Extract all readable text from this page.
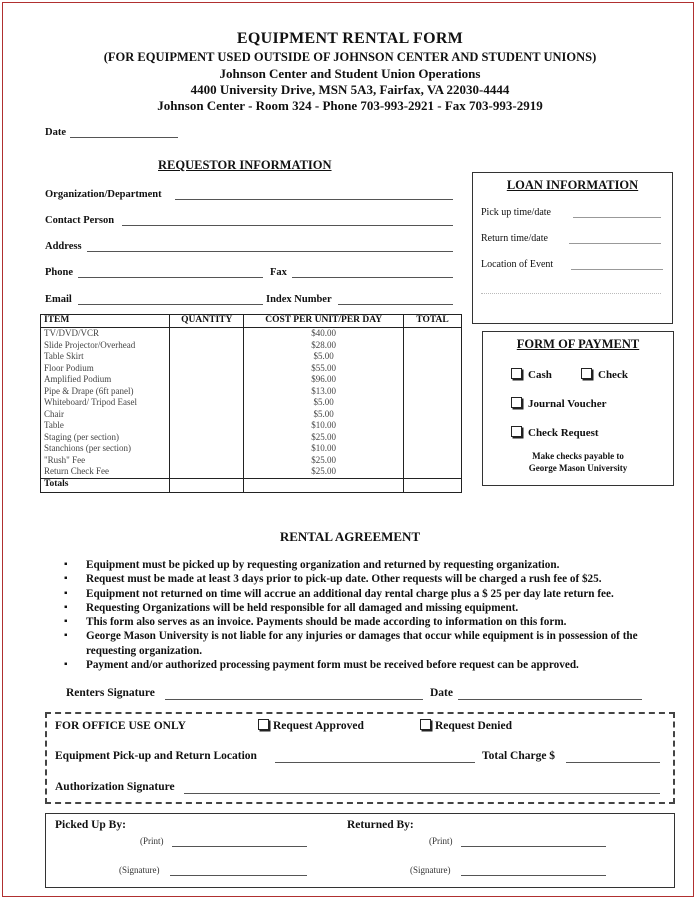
EQUIPMENT RENTAL FORM
(FOR EQUIPMENT USED OUTSIDE OF JOHNSON CENTER AND STUDENT UNIONS)
Johnson Center and Student Union Operations
4400 University Drive, MSN 5A3, Fairfax, VA 22030-4444
Johnson Center - Room 324 - Phone 703-993-2921 - Fax 703-993-2919
Date
REQUESTOR INFORMATION
Organization/Department
Contact Person
Address
Phone	Fax
Email	Index Number
LOAN INFORMATION
Pick up time/date
Return time/date
Location of Event
ITEM	QUANTITY	COST PER UNIT/PER DAY	TOTAL
TV/DVD/VCR		$40.00	
Slide Projector/Overhead		$28.00	
Table Skirt		$5.00	
Floor Podium		$55.00	
Amplified Podium		$96.00	
Pipe & Drape (6ft panel)		$13.00	
Whiteboard/ Tripod Easel		$5.00	
Chair		$5.00	
Table		$10.00	
Staging (per section)		$25.00	
Stanchions (per section)		$10.00	
"Rush" Fee		$25.00	
Return Check Fee		$25.00	
Totals			
FORM OF PAYMENT
Cash	Check
Journal Voucher
Check Request
Make checks payable to
George Mason University
RENTAL AGREEMENT
▪ Equipment must be picked up by requesting organization and returned by requesting organization.
▪ Request must be made at least 3 days prior to pick-up date. Other requests will be charged a rush fee of $25.
▪ Equipment not returned on time will accrue an additional day rental charge plus a $ 25 per day late return fee.
▪ Requesting Organizations will be held responsible for all damaged and missing equipment.
▪ This form also serves as an invoice. Payments should be made according to information on this form.
▪ George Mason University is not liable for any injuries or damages that occur while equipment is in possession of the requesting organization.
▪ Payment and/or authorized processing payment form must be received before request can be approved.
Renters Signature	Date
FOR OFFICE USE ONLY	Request Approved	Request Denied
Equipment Pick-up and Return Location	Total Charge $
Authorization Signature
Picked Up By:	Returned By:
(Print)
(Signature)
(Print)
(Signature)
